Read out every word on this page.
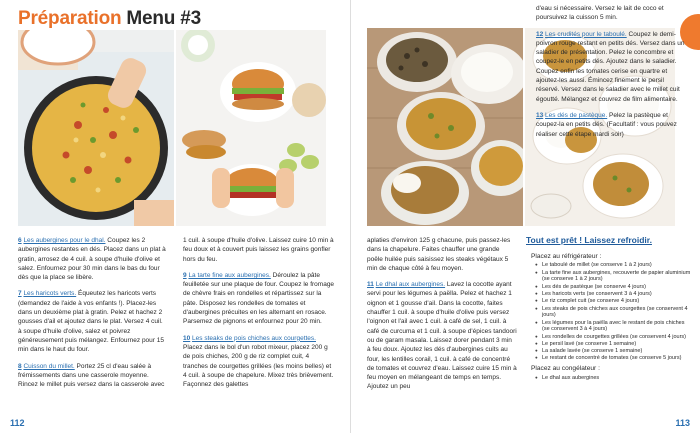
Préparation Menu #3

6 Les aubergines pour le dhal. Coupez les 2 aubergines restantes en dés. Placez dans un plat à gratin, arrosez de 4 cuil. à soupe d'huile d'olive et salez. Enfournez pour 30 min dans le bas du four dès que la place se libère.

7 Les haricots verts. Équeutez les haricots verts (demandez de l'aide à vos enfants !). Placez-les dans un deuxième plat à gratin. Pelez et hachez 2 gousses d'ail et ajoutez dans le plat. Versez 4 cuil. à soupe d'huile d'olive, salez et poivrez généreusement puis mélangez. Enfournez pour 15 min dans le haut du four.

8 Cuisson du millet. Portez 25 cl d'eau salée à frémissements dans une casserole moyenne. Rincez le millet puis versez dans la casserole avec

1 cuil. à soupe d'huile d'olive. Laissez cuire 10 min à feu doux et à couvert puis laissez les grains gonfler hors du feu.

9 La tarte fine aux aubergines. Déroulez la pâte feuilletée sur une plaque de four. Coupez le fromage de chèvre frais en rondelles et répartissez sur la pâte. Disposez les rondelles de tomates et d'aubergines précuites en les alternant en rosace. Parsemez de pignons et enfournez pour 20 min.

10 Les steaks de pois chiches aux courgettes. Placez dans le bol d'un robot mixeur, placez 200 g de pois chiches, 200 g de riz complet cuit, 4 tranches de courgettes grillées (les moins belles) et 4 cuil. à soupe de chapelure. Mixez très brièvement. Façonnez des galettes

112

aplaties d'environ 125 g chacune, puis passez-les dans la chapelure. Faites chauffer une grande poêle huilée puis saisissez les steaks végétaux 5 min de chaque côté à feu moyen.

11 Le dhal aux aubergines. Lavez la cocotte ayant servi pour les légumes à paëlla. Pelez et hachez 1 oignon et 1 gousse d'ail. Dans la cocotte, faites chauffer 1 cuil. à soupe d'huile d'olive puis versez l'oignon et l'ail avec 1 cuil. à café de sel, 1 cuil. à café de curcuma et 1 cuil. à soupe d'épices tandoori ou de garam masala. Laissez dorer pendant 3 min à feu doux. Ajoutez les dés d'aubergines cuits au four, les lentilles corail, 1 cuil. à café de concentré de tomates et couvrez d'eau. Laissez cuire 15 min à feu moyen en mélangeant de temps en temps. Ajoutez un peu

d'eau si nécessaire. Versez le lait de coco et poursuivez la cuisson 5 min.

12 Les crudités pour le taboulé. Coupez le demi-poivron rouge restant en petits dés. Versez dans un saladier de présentation. Pelez le concombre et coupez-le en petits dés. Ajoutez dans le saladier. Coupez enfin les tomates cerise en quartre et ajoutez-les aussi. Émincez finement le persil réservé. Versez dans le saladier avec le millet cuit égoutté. Mélangez et couvrez de film alimentaire.

13 Les dés de pastèque. Pelez la pastèque et coupez-la en petits dés. (Facultatif : vous pouvez réaliser cette étape mardi soir)

Tout est prêt ! Laissez refroidir.
Placez au réfrigérateur :
● Le taboulé de millet (se conserve 1 à 2 jours)
● La tarte fine aux aubergines, recouverte de papier aluminium (se conserve 1 à 2 jours)
● Les dés de pastèque (se conserve 4 jours)
● Les haricots verts (se conservent 3 à 4 jours)
● Le riz complet cuit (se conserve 4 jours)
● Les steaks de pois chiches aux courgettes (se conservent 4 jours)
● Les légumes pour la paëlla avec le restant de pois chiches (se conservent 3 à 4 jours)
● Les rondelles de courgettes grillées (se conservent 4 jours)
● Le persil lavé (se conserve 1 semaine)
● La salade lavée (se conserve 1 semaine)
● Le restant de concentré de tomates (se conserve 5 jours)
Placez au congélateur :
● Le dhal aux aubergines
113
